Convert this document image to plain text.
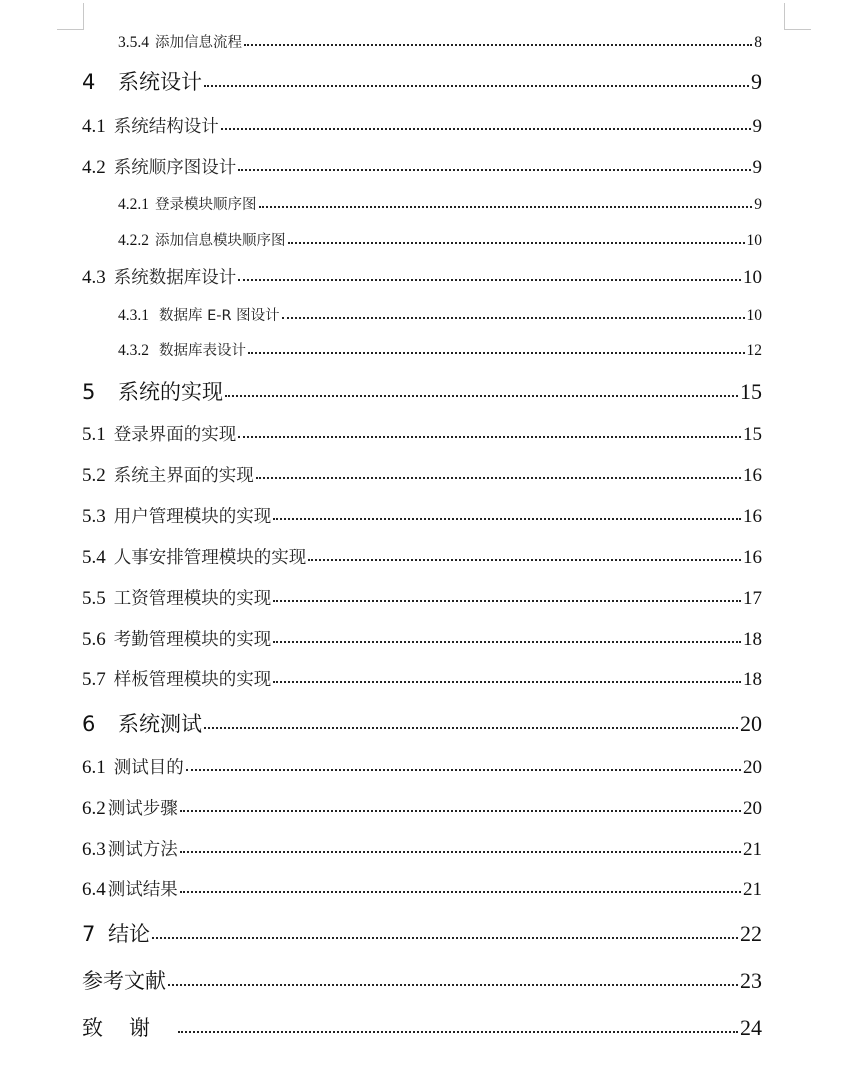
3.5.4 添加信息流程	8
4	系统设计	9
4.1 系统结构设计	9
4.2 系统顺序图设计	9
4.2.1 登录模块顺序图	9
4.2.2 添加信息模块顺序图	10
4.3 系统数据库设计	10
4.3.1 数据库 E-R 图设计	10
4.3.2 数据库表设计	12
5	系统的实现	15
5.1 登录界面的实现	15
5.2 系统主界面的实现	16
5.3 用户管理模块的实现	16
5.4 人事安排管理模块的实现	16
5.5 工资管理模块的实现	17
5.6 考勤管理模块的实现	18
5.7 样板管理模块的实现	18
6	系统测试	20
6.1 测试目的	20
6.2 测试步骤	20
6.3 测试方法	21
6.4 测试结果	21
7 结论	22
参考文献	23
致谢	24
